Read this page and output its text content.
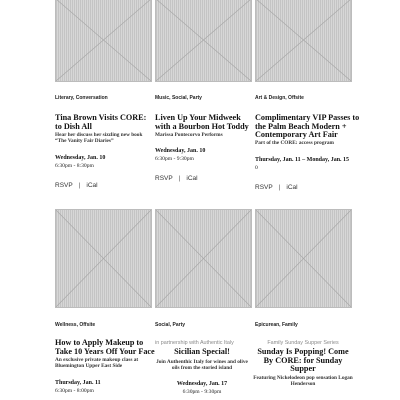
Literary, Conversation
Tina Brown Visits CORE: to Dish All
Hear her discuss her sizzling new book “The Vanity Fair Diaries”
Wednesday, Jan. 10
6:30pm - 8:30pm
RSVP | iCal
Music, Social, Party
Liven Up Your Midweek with a Bourbon Hot Toddy
Marissa Pontecorvo Performs
Wednesday, Jan. 10
6:30pm - 9:30pm
RSVP | iCal
Art & Design, Offsite
Complimentary VIP Passes to the Palm Beach Modern + Contemporary Art Fair
Part of the CORE: access program
Thursday, Jan. 11 – Monday, Jan. 15
0
RSVP | iCal
Wellness, Offsite
How to Apply Makeup to Take 10 Years Off Your Face
An exclusive private makeup class at Bluemington Upper East Side
Thursday, Jan. 11
6:30pm - 8:00pm
Social, Party
in partnership with Authentic Italy
Sicilian Special!
Join Authenthic Italy for wines and olive oils from the storied island
Wednesday, Jan. 17
6:30pm - 9:30pm
Epicurean, Family
Family Sunday Supper Series
Sunday Is Popping! Come By CORE: for Sunday Supper
Featuring Nickelodeon pop sensation Logan Henderson
